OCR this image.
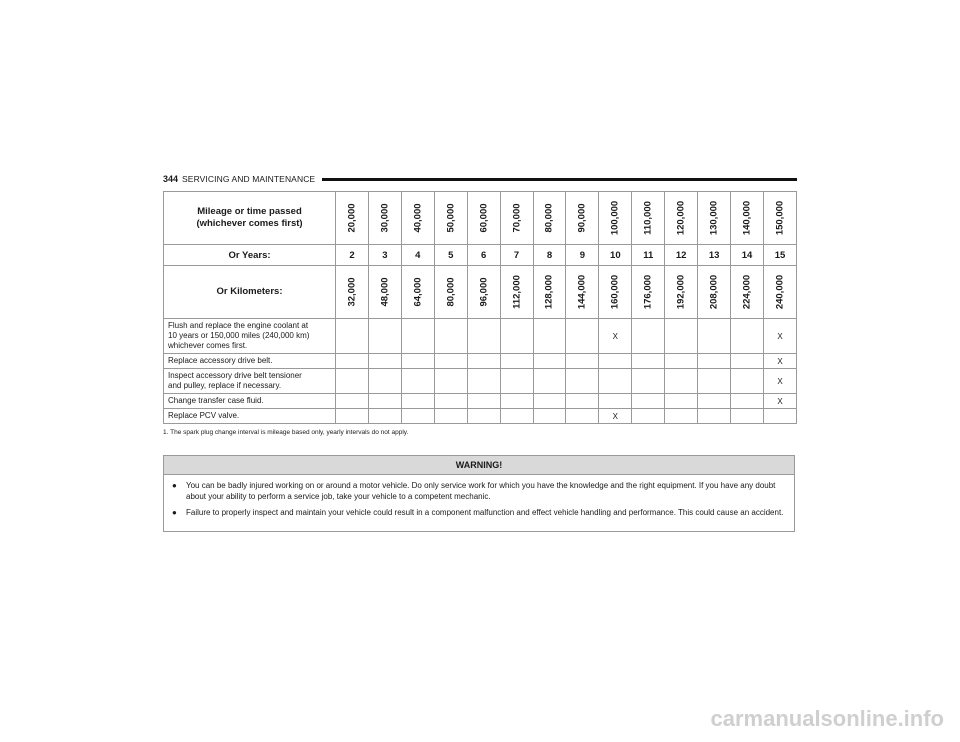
344 SERVICING AND MAINTENANCE
Mileage or time passed
(whichever comes first)	20,000	30,000	40,000	50,000	60,000	70,000	80,000	90,000	100,000	110,000	120,000	130,000	140,000	150,000

Or Years:	2	3	4	5	6	7	8	9	10	11	12	13	14	15
Or Kilometers:	32,000	48,000	64,000	80,000	96,000	112,000	128,000	144,000	160,000	176,000	192,000	208,000	224,000	240,000

Flush and replace the engine coolant at
10 years or 150,000 miles (240,000 km)
whichever comes first.									X					X

Replace accessory drive belt.														X

Inspect accessory drive belt tensioner
and pulley, replace if necessary.														X

Change transfer case fluid.														X

Replace PCV valve.									X					
1. The spark plug change interval is mileage based only, yearly intervals do not apply.
WARNING!
●	You can be badly injured working on or around a motor vehicle. Do only service work for which you have the knowledge and the right equipment. If you have any doubt about your ability to perform a service job, take your vehicle to a competent mechanic.
●	Failure to properly inspect and maintain your vehicle could result in a component malfunction and effect vehicle handling and performance. This could cause an accident.
carmanualsonline.info
